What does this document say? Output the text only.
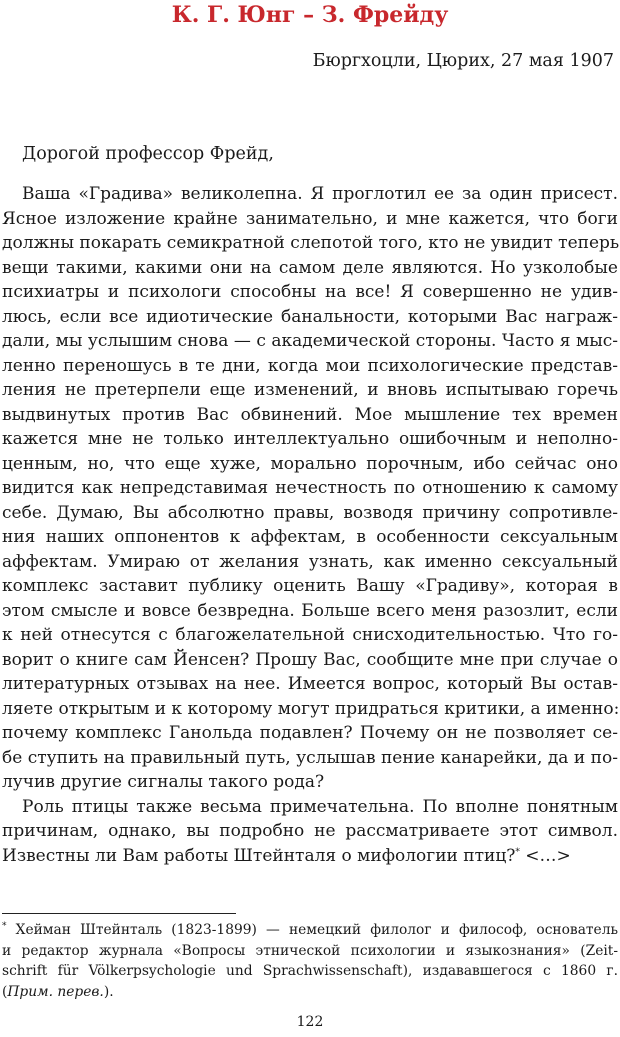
К. Г. Юнг – З. Фрейду
Бюргхоцли, Цюрих, 27 мая 1907
Дорогой профессор Фрейд,
Ваша «Градива» великолепна. Я проглотил ее за один присест.
Ясное изложение крайне занимательно, и мне кажется, что боги
должны покарать семикратной слепотой того, кто не увидит теперь
вещи такими, какими они на самом деле являются. Но узколобые
психиатры и психологи способны на все! Я совершенно не удив-
люсь, если все идиотические банальности, которыми Вас награж-
дали, мы услышим снова — с академической стороны. Часто я мыс-
ленно переношусь в те дни, когда мои психологические представ-
ления не претерпели еще изменений, и вновь испытываю горечь
выдвинутых против Вас обвинений. Мое мышление тех времен
кажется мне не только интеллектуально ошибочным и неполно-
ценным, но, что еще хуже, морально порочным, ибо сейчас оно
видится как непредставимая нечестность по отношению к самому
себе. Думаю, Вы абсолютно правы, возводя причину сопротивле-
ния наших оппонентов к аффектам, в особенности сексуальным
аффектам. Умираю от желания узнать, как именно сексуальный
комплекс заставит публику оценить Вашу «Градиву», которая в
этом смысле и вовсе безвредна. Больше всего меня разозлит, если
к ней отнесутся с благожелательной снисходительностью. Что го-
ворит о книге сам Йенсен? Прошу Вас, сообщите мне при случае о
литературных отзывах на нее. Имеется вопрос, который Вы остав-
ляете открытым и к которому могут придраться критики, а именно:
почему комплекс Ганольда подавлен? Почему он не позволяет се-
бе ступить на правильный путь, услышав пение канарейки, да и по-
лучив другие сигналы такого рода?
Роль птицы также весьма примечательна. По вполне понятным
причинам, однако, вы подробно не рассматриваете этот символ.
Известны ли Вам работы Штейнталя о мифологии птиц?* <…>
* Хейман Штейнталь (1823-1899) — немецкий филолог и философ, основатель
и редактор журнала «Вопросы этнической психологии и языкознания» (Zeit-
schrift für Völkerpsychologie und Sprachwissenschaft), издававшегося с 1860 г.
(Прим. перев.).
122
